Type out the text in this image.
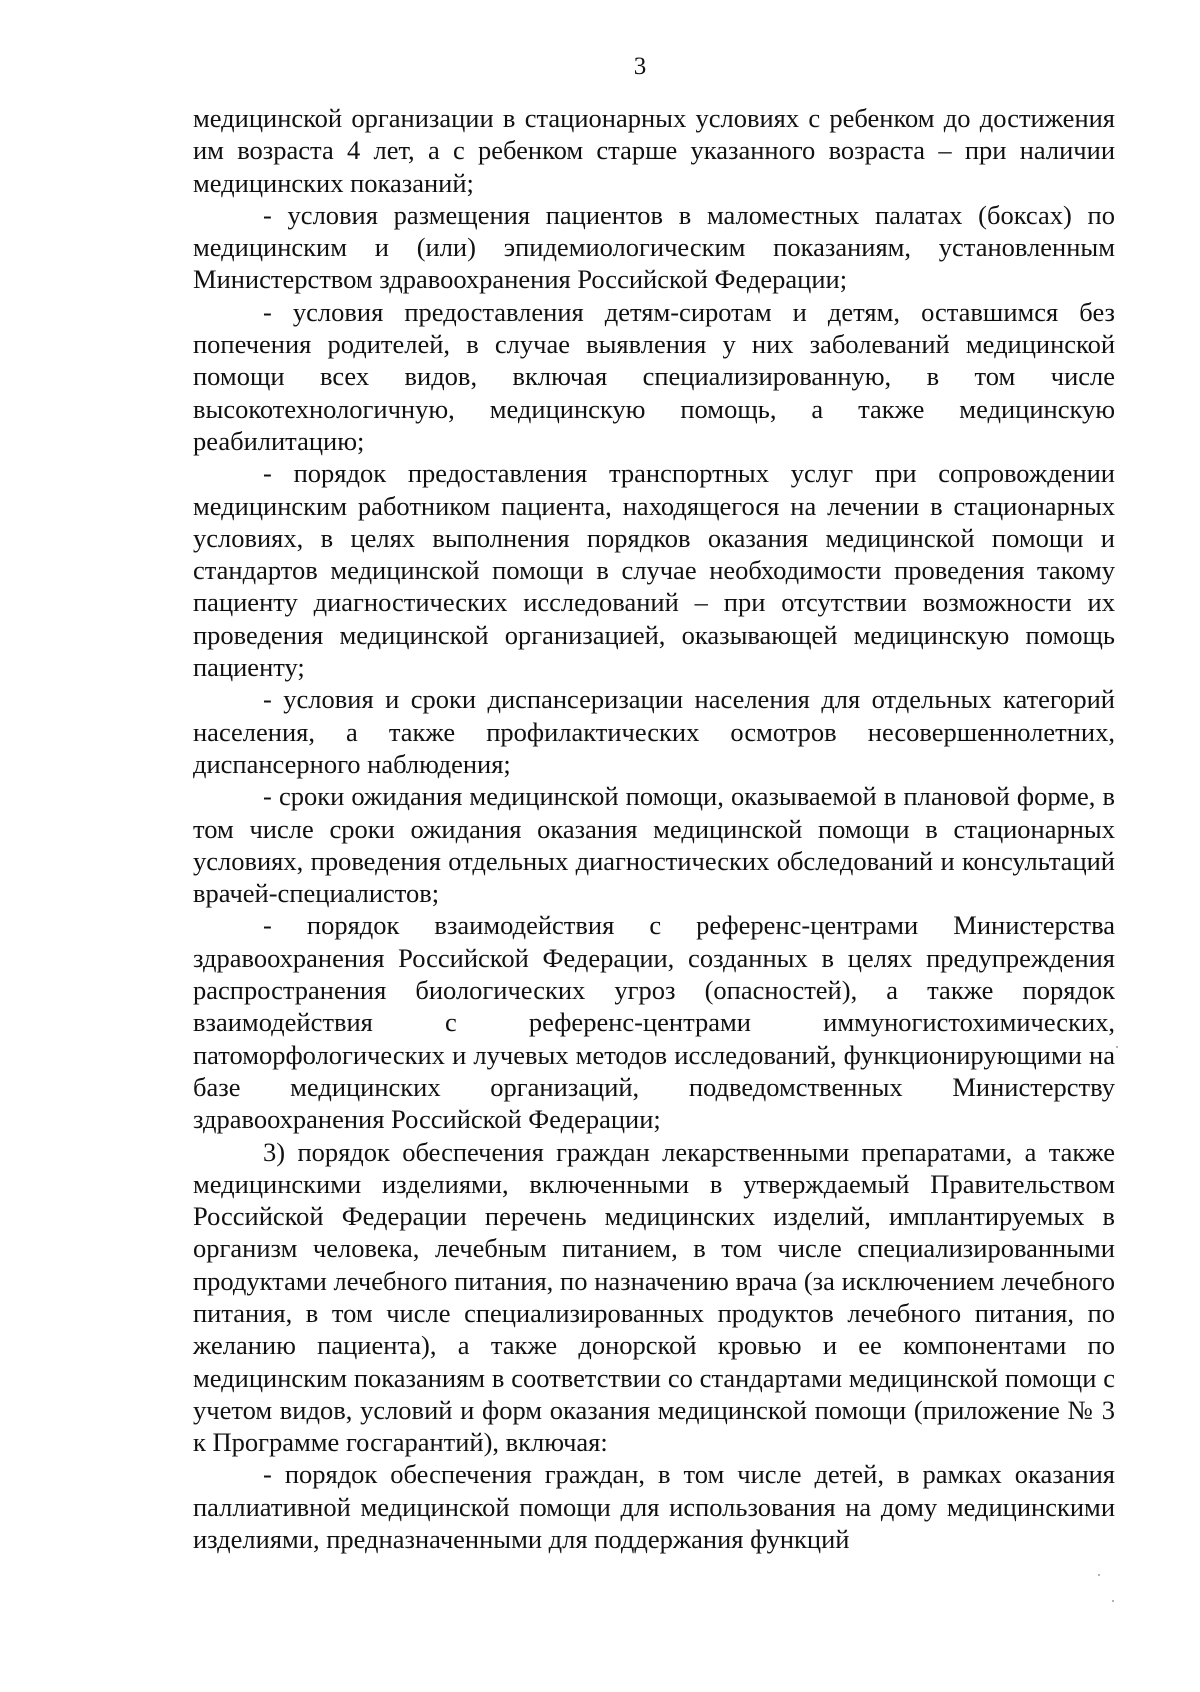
3

медицинской организации в стационарных условиях с ребенком до достижения им возраста 4 лет, а с ребенком старше указанного возраста – при наличии медицинских показаний;

- условия размещения пациентов в маломестных палатах (боксах) по медицинским и (или) эпидемиологическим показаниям, установленным Министерством здравоохранения Российской Федерации;

- условия предоставления детям-сиротам и детям, оставшимся без попечения родителей, в случае выявления у них заболеваний медицинской помощи всех видов, включая специализированную, в том числе высокотехнологичную, медицинскую помощь, а также медицинскую реабилитацию;

- порядок предоставления транспортных услуг при сопровождении медицинским работником пациента, находящегося на лечении в стационарных условиях, в целях выполнения порядков оказания медицинской помощи и стандартов медицинской помощи в случае необходимости проведения такому пациенту диагностических исследований – при отсутствии возможности их проведения медицинской организацией, оказывающей медицинскую помощь пациенту;

- условия и сроки диспансеризации населения для отдельных категорий населения, а также профилактических осмотров несовершеннолетних, диспансерного наблюдения;

- сроки ожидания медицинской помощи, оказываемой в плановой форме, в том числе сроки ожидания оказания медицинской помощи в стационарных условиях, проведения отдельных диагностических обследований и консультаций врачей-специалистов;

- порядок взаимодействия с референс-центрами Министерства здравоохранения Российской Федерации, созданных в целях предупреждения распространения биологических угроз (опасностей), а также порядок взаимодействия с референс-центрами иммуногистохимических, патоморфологических и лучевых методов исследований, функционирующими на базе медицинских организаций, подведомственных Министерству здравоохранения Российской Федерации;

3) порядок обеспечения граждан лекарственными препаратами, а также медицинскими изделиями, включенными в утверждаемый Правительством Российской Федерации перечень медицинских изделий, имплантируемых в организм человека, лечебным питанием, в том числе специализированными продуктами лечебного питания, по назначению врача (за исключением лечебного питания, в том числе специализированных продуктов лечебного питания, по желанию пациента), а также донорской кровью и ее компонентами по медицинским показаниям в соответствии со стандартами медицинской помощи с учетом видов, условий и форм оказания медицинской помощи (приложение № 3 к Программе госгарантий), включая:

- порядок обеспечения граждан, в том числе детей, в рамках оказания паллиативной медицинской помощи для использования на дому медицинскими изделиями, предназначенными для поддержания функций
